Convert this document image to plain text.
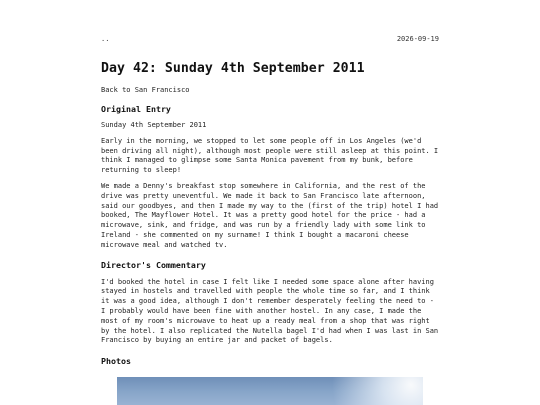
..	2026-09-19
Day 42: Sunday 4th September 2011
Back to San Francisco
Original Entry

Sunday 4th September 2011

Early in the morning, we stopped to let some people off in Los Angeles (we'd been driving all night), although most people were still asleep at this point. I think I managed to glimpse some Santa Monica pavement from my bunk, before returning to sleep!

We made a Denny's breakfast stop somewhere in California, and the rest of the drive was pretty uneventful. We made it back to San Francisco late afternoon, said our goodbyes, and then I made my way to the (first of the trip) hotel I had booked, The Mayflower Hotel. It was a pretty good hotel for the price - had a microwave, sink, and fridge, and was run by a friendly lady with some link to Ireland - she commented on my surname! I think I bought a macaroni cheese microwave meal and watched tv.

Director's Commentary

I'd booked the hotel in case I felt like I needed some space alone after having stayed in hostels and travelled with people the whole time so far, and I think it was a good idea, although I don't remember desperately feeling the need to - I probably would have been fine with another hostel. In any case, I made the most of my room's microwave to heat up a ready meal from a shop that was right by the hotel. I also replicated the Nutella bagel I'd had when I was last in San Francisco by buying an entire jar and packet of bagels.

Photos
